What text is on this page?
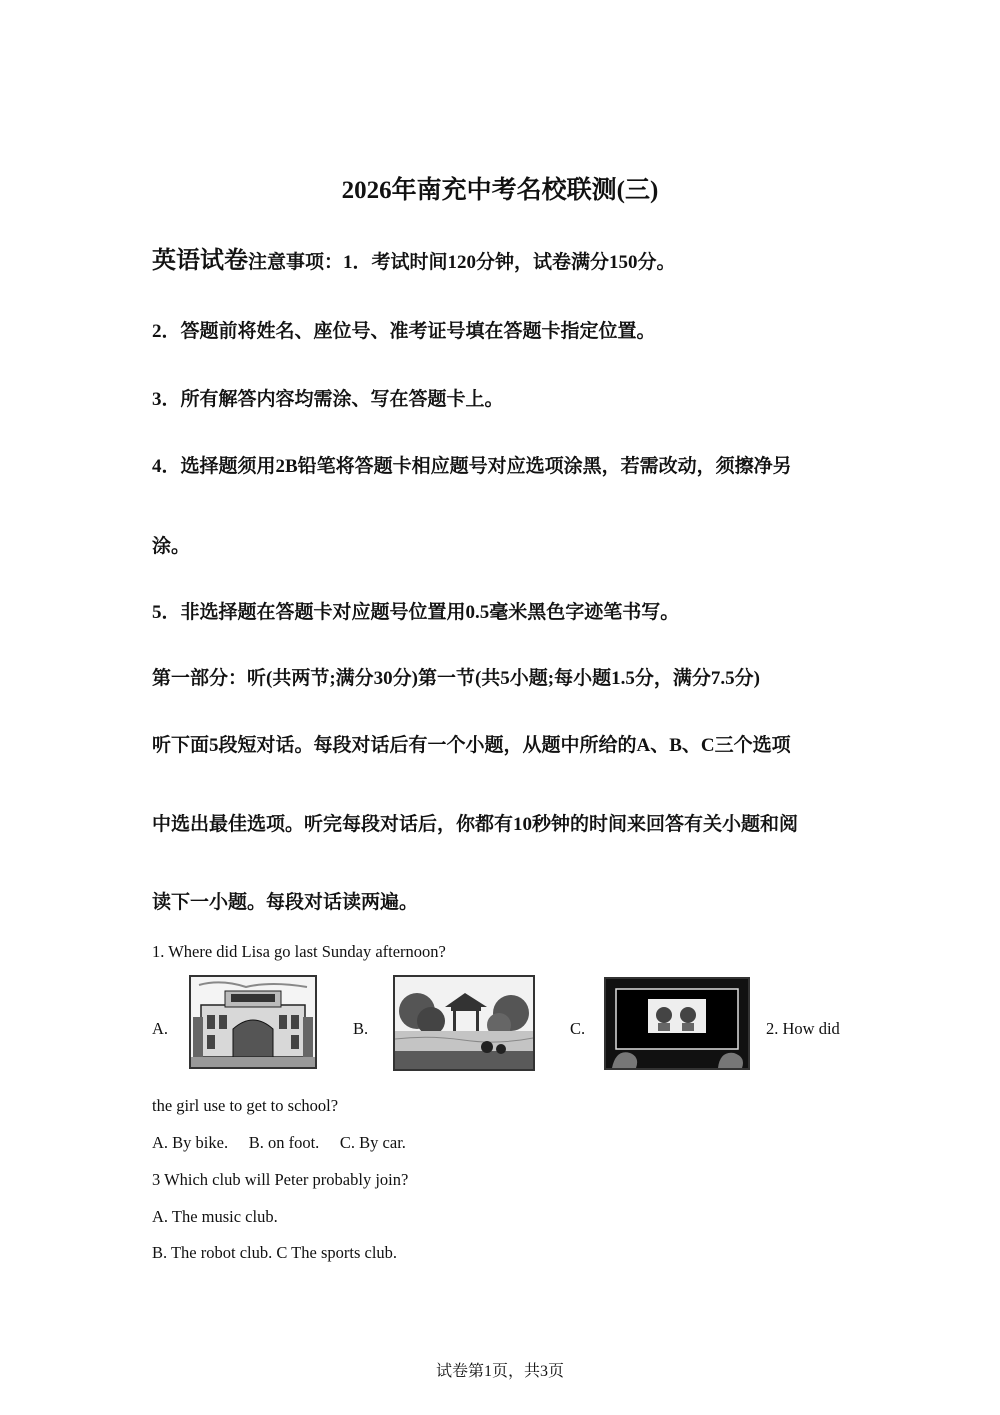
2026年南充中考名校联测(三)
英语试卷注意事项：1．考试时间120分钟，试卷满分150分。
2．答题前将姓名、座位号、准考证号填在答题卡指定位置。
3．所有解答内容均需涂、写在答题卡上。
4．选择题须用2B铅笔将答题卡相应题号对应选项涂黑，若需改动，须擦净另
涂。
5．非选择题在答题卡对应题号位置用0.5毫米黑色字迹笔书写。
第一部分：听(共两节;满分30分)第一节(共5小题;每小题1.5分，满分7.5分)
听下面5段短对话。每段对话后有一个小题，从题中所给的A、B、C三个选项
中选出最佳选项。听完每段对话后，你都有10秒钟的时间来回答有关小题和阅
读下一小题。每段对话读两遍。
1. Where did Lisa go last Sunday afternoon?
A.	B.	C.	2. How did
the girl use to get to school?
A. By bike.     B. on foot.     C. By car.
3 Which club will Peter probably join?
A. The music club.
B. The robot club. C The sports club.
试卷第1页，共3页
